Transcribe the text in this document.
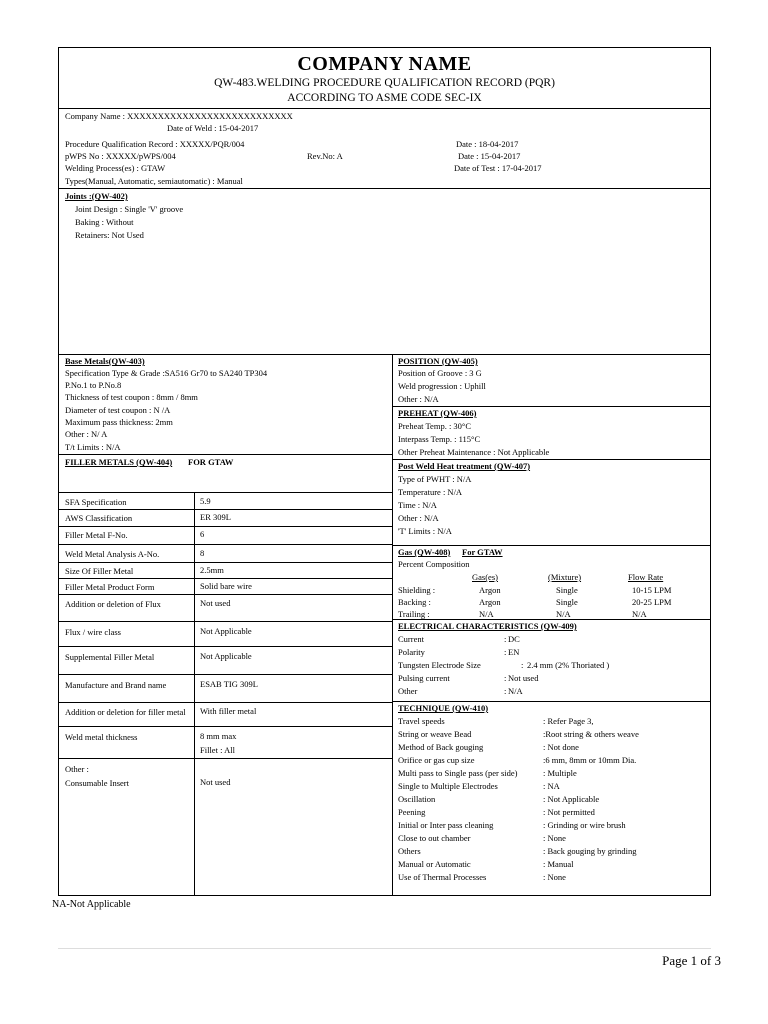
COMPANY NAME
QW-483.WELDING PROCEDURE QUALIFICATION RECORD (PQR)
ACCORDING TO ASME CODE SEC-IX
Company Name : XXXXXXXXXXXXXXXXXXXXXXXXXXX
Date of Weld : 15-04-2017
Procedure Qualification Record : XXXXX/PQR/004	Date : 18-04-2017
pWPS No : XXXXX/pWPS/004	Rev.No: A	Date : 15-04-2017
Welding Process(es) : GTAW	Date of Test : 17-04-2017
Types(Manual, Automatic, semiautomatic) : Manual
Joints :(QW-402)
Joint Design : Single 'V' groove
Baking : Without
Retainers: Not Used
Base Metals(QW-403)
Specification Type & Grade :SA516 Gr70 to SA240 TP304
P.No.1 to P.No.8
Thickness of test coupon : 8mm / 8mm
Diameter of test coupon : N /A
Maximum pass thickness: 2mm
Other : N/ A
T/t Limits : N/A
FILLER METALS (QW-404) FOR GTAW
SFA Specification	5.9
AWS Classification	ER 309L
Filler Metal F-No.	6
Weld Metal Analysis A-No.	8
Size Of Filler Metal	2.5mm
Filler Metal Product Form	Solid bare wire
Addition or deletion of Flux	Not used
Flux / wire class	Not Applicable
Supplemental Filler Metal	Not Applicable
Manufacture and Brand name	ESAB TIG 309L
Addition or deletion for filler metal	With filler metal
Weld metal thickness	8 mm max
Fillet : All
Other :
Consumable Insert	Not used
POSITION (QW-405)
Position of Groove : 3 G
Weld progression : Uphill
Other : N/A
PREHEAT (QW-406)
Preheat Temp. : 30°C
Interpass Temp. : 115°C
Other Preheat Maintenance : Not Applicable
Post Weld Heat treatment (QW-407)
Type of PWHT : N/A
Temperature : N/A
Time : N/A
Other : N/A
'T' Limits : N/A
Gas (QW-408) For GTAW
Percent Composition
Gas(es)	(Mixture)	Flow Rate
Shielding :	Argon	Single	10-15 LPM
Backing :	Argon	Single	20-25 LPM
Trailing :	N/A	N/A	N/A
ELECTRICAL CHARACTERISTICS (QW-409)
Current	: DC
Polarity	: EN
Tungsten Electrode Size	: 2.4 mm (2% Thoriated )
Pulsing current	: Not used
Other	: N/A
TECHNIQUE (QW-410)
Travel speeds	: Refer Page 3,
String or weave Bead	:Root string & others weave
Method of Back gouging	: Not done
Orifice or gas cup size	:6 mm, 8mm or 10mm Dia.
Multi pass to Single pass (per side)	: Multiple
Single to Multiple Electrodes	: NA
Oscillation	: Not Applicable
Peening	: Not permitted
Initial or Inter pass cleaning	: Grinding or wire brush
Close to out chamber	: None
Others	: Back gouging by grinding
Manual or Automatic	: Manual
Use of Thermal Processes	: None
NA-Not Applicable
Page 1 of 3
